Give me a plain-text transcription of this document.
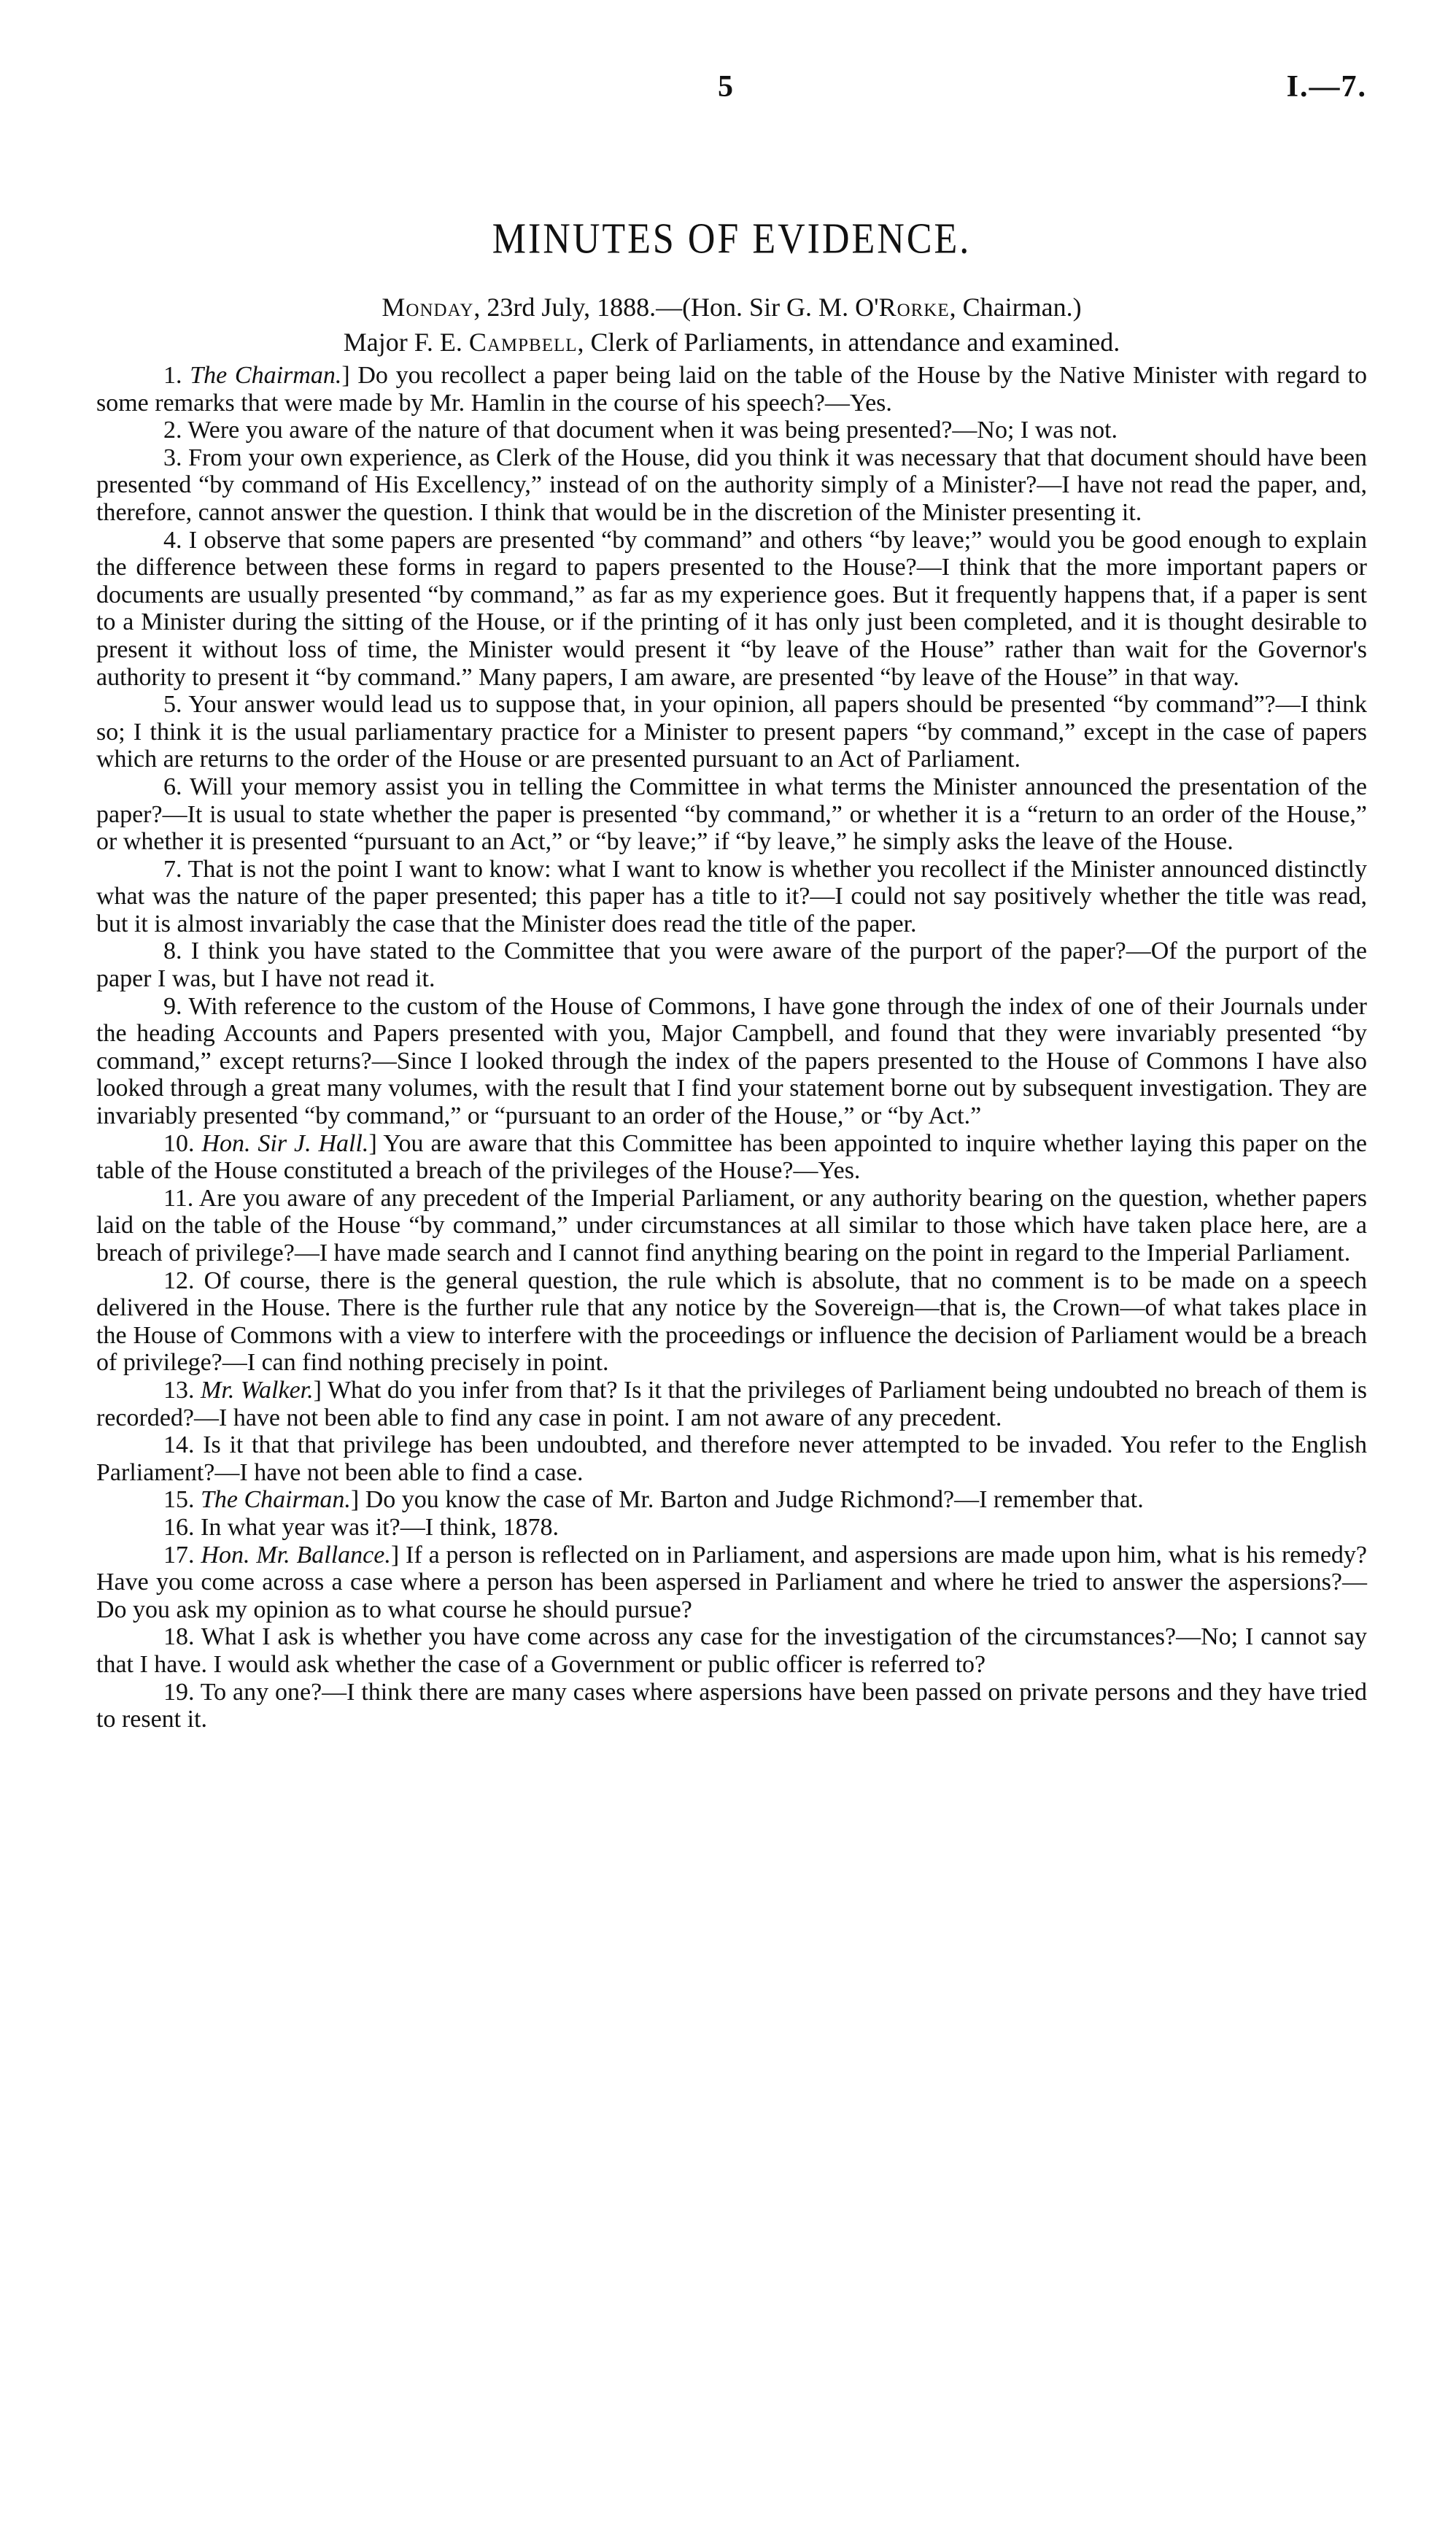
5	I.—7.
MINUTES OF EVIDENCE.
Monday, 23rd July, 1888.—(Hon. Sir G. M. O'Rorke, Chairman.)
Major F. E. Campbell, Clerk of Parliaments, in attendance and examined.

1. The Chairman.] Do you recollect a paper being laid on the table of the House by the Native Minister with regard to some remarks that were made by Mr. Hamlin in the course of his speech?—Yes.

2. Were you aware of the nature of that document when it was being presented?—No; I was not.

3. From your own experience, as Clerk of the House, did you think it was necessary that that document should have been presented “by command of His Excellency,” instead of on the authority simply of a Minister?—I have not read the paper, and, therefore, cannot answer the question. I think that would be in the discretion of the Minister presenting it.

4. I observe that some papers are presented “by command” and others “by leave;” would you be good enough to explain the difference between these forms in regard to papers presented to the House?—I think that the more important papers or documents are usually presented “by command,” as far as my experience goes. But it frequently happens that, if a paper is sent to a Minister during the sitting of the House, or if the printing of it has only just been completed, and it is thought desirable to present it without loss of time, the Minister would present it “by leave of the House” rather than wait for the Governor's authority to present it “by command.” Many papers, I am aware, are presented “by leave of the House” in that way.

5. Your answer would lead us to suppose that, in your opinion, all papers should be presented “by command”?—I think so; I think it is the usual parliamentary practice for a Minister to present papers “by command,” except in the case of papers which are returns to the order of the House or are presented pursuant to an Act of Parliament.

6. Will your memory assist you in telling the Committee in what terms the Minister announced the presentation of the paper?—It is usual to state whether the paper is presented “by command,” or whether it is a “return to an order of the House,” or whether it is presented “pursuant to an Act,” or “by leave;” if “by leave,” he simply asks the leave of the House.

7. That is not the point I want to know: what I want to know is whether you recollect if the Minister announced distinctly what was the nature of the paper presented; this paper has a title to it?—I could not say positively whether the title was read, but it is almost invariably the case that the Minister does read the title of the paper.

8. I think you have stated to the Committee that you were aware of the purport of the paper?—Of the purport of the paper I was, but I have not read it.

9. With reference to the custom of the House of Commons, I have gone through the index of one of their Journals under the heading Accounts and Papers presented with you, Major Campbell, and found that they were invariably presented “by command,” except returns?—Since I looked through the index of the papers presented to the House of Commons I have also looked through a great many volumes, with the result that I find your statement borne out by subsequent investigation. They are invariably presented “by command,” or “pursuant to an order of the House,” or “by Act.”

10. Hon. Sir J. Hall.] You are aware that this Committee has been appointed to inquire whether laying this paper on the table of the House constituted a breach of the privileges of the House?—Yes.

11. Are you aware of any precedent of the Imperial Parliament, or any authority bearing on the question, whether papers laid on the table of the House “by command,” under circumstances at all similar to those which have taken place here, are a breach of privilege?—I have made search and I cannot find anything bearing on the point in regard to the Imperial Parliament.

12. Of course, there is the general question, the rule which is absolute, that no comment is to be made on a speech delivered in the House. There is the further rule that any notice by the Sovereign—that is, the Crown—of what takes place in the House of Commons with a view to interfere with the proceedings or influence the decision of Parliament would be a breach of privilege?—I can find nothing precisely in point.

13. Mr. Walker.] What do you infer from that? Is it that the privileges of Parliament being undoubted no breach of them is recorded?—I have not been able to find any case in point. I am not aware of any precedent.

14. Is it that that privilege has been undoubted, and therefore never attempted to be invaded. You refer to the English Parliament?—I have not been able to find a case.

15. The Chairman.] Do you know the case of Mr. Barton and Judge Richmond?—I remember that.

16. In what year was it?—I think, 1878.

17. Hon. Mr. Ballance.] If a person is reflected on in Parliament, and aspersions are made upon him, what is his remedy? Have you come across a case where a person has been aspersed in Parliament and where he tried to answer the aspersions?—Do you ask my opinion as to what course he should pursue?

18. What I ask is whether you have come across any case for the investigation of the circumstances?—No; I cannot say that I have. I would ask whether the case of a Government or public officer is referred to?

19. To any one?—I think there are many cases where aspersions have been passed on private persons and they have tried to resent it.
